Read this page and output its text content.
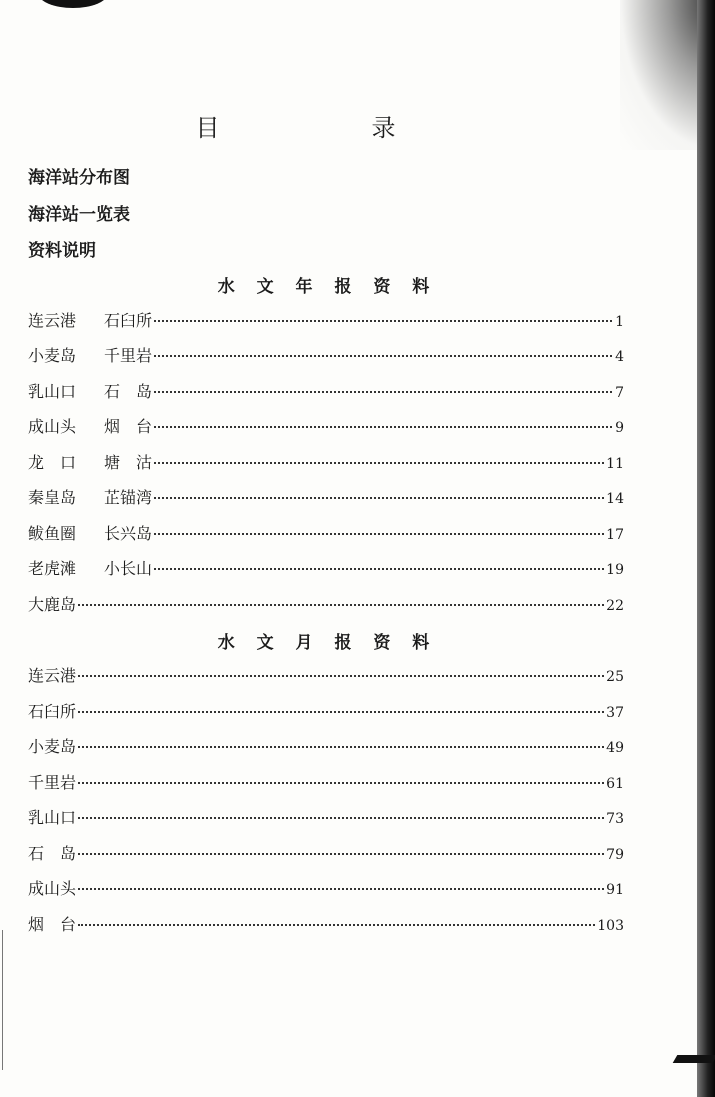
目　录
海洋站分布图
海洋站一览表
资料说明
水 文 年 报 资 料
连云港	石臼所	1
小麦岛	千里岩	4
乳山口	石　岛	7
成山头	烟　台	9
龙　口	塘　沽	11
秦皇岛	芷锚湾	14
鲅鱼圈	长兴岛	17
老虎滩	小长山	19
大鹿岛	22
水 文 月 报 资 料
连云港	25
石臼所	37
小麦岛	49
千里岩	61
乳山口	73
石　岛	79
成山头	91
烟　台	103
